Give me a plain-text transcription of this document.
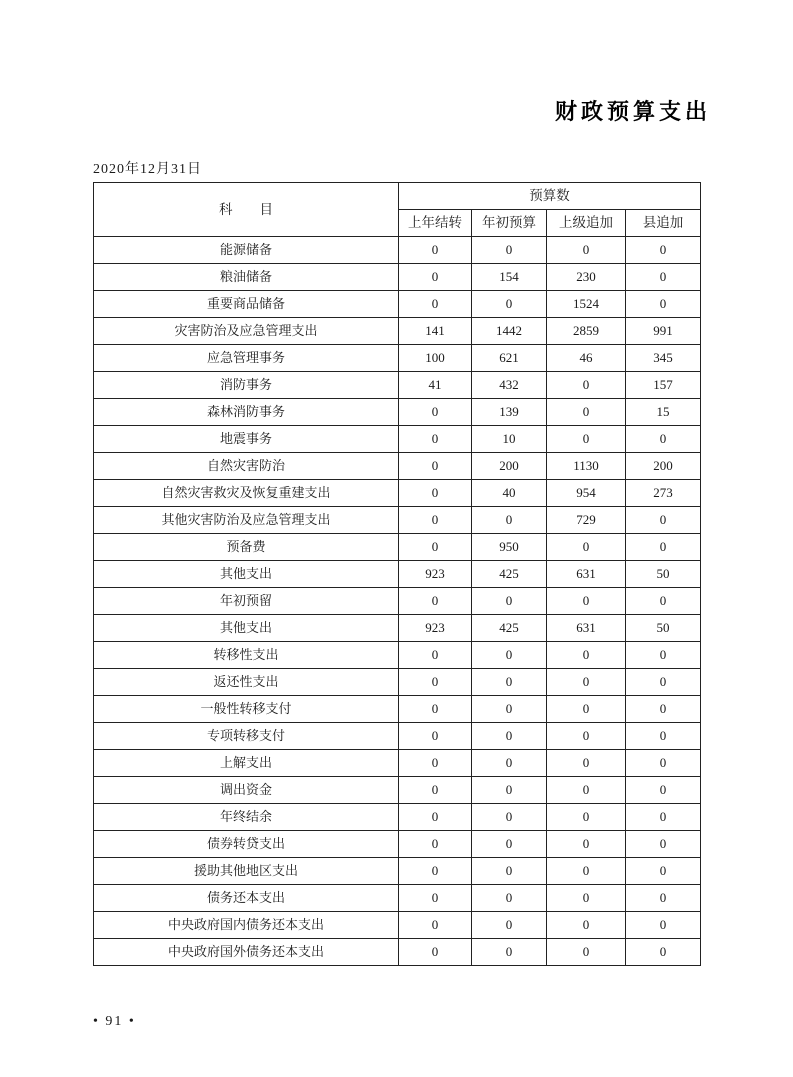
财政预算支出
2020年12月31日
科　　目	预算数			
	上年结转	年初预算	上级追加	县追加
能源储备	0	0	0	0
粮油储备	0	154	230	0
重要商品储备	0	0	1524	0
灾害防治及应急管理支出	141	1442	2859	991
应急管理事务	100	621	46	345
消防事务	41	432	0	157
森林消防事务	0	139	0	15
地震事务	0	10	0	0
自然灾害防治	0	200	1130	200
自然灾害救灾及恢复重建支出	0	40	954	273
其他灾害防治及应急管理支出	0	0	729	0
预备费	0	950	0	0
其他支出	923	425	631	50
年初预留	0	0	0	0
其他支出	923	425	631	50
转移性支出	0	0	0	0
返还性支出	0	0	0	0
一般性转移支付	0	0	0	0
专项转移支付	0	0	0	0
上解支出	0	0	0	0
调出资金	0	0	0	0
年终结余	0	0	0	0
债券转贷支出	0	0	0	0
援助其他地区支出	0	0	0	0
债务还本支出	0	0	0	0
中央政府国内债务还本支出	0	0	0	0
中央政府国外债务还本支出	0	0	0	0
• 91 •
